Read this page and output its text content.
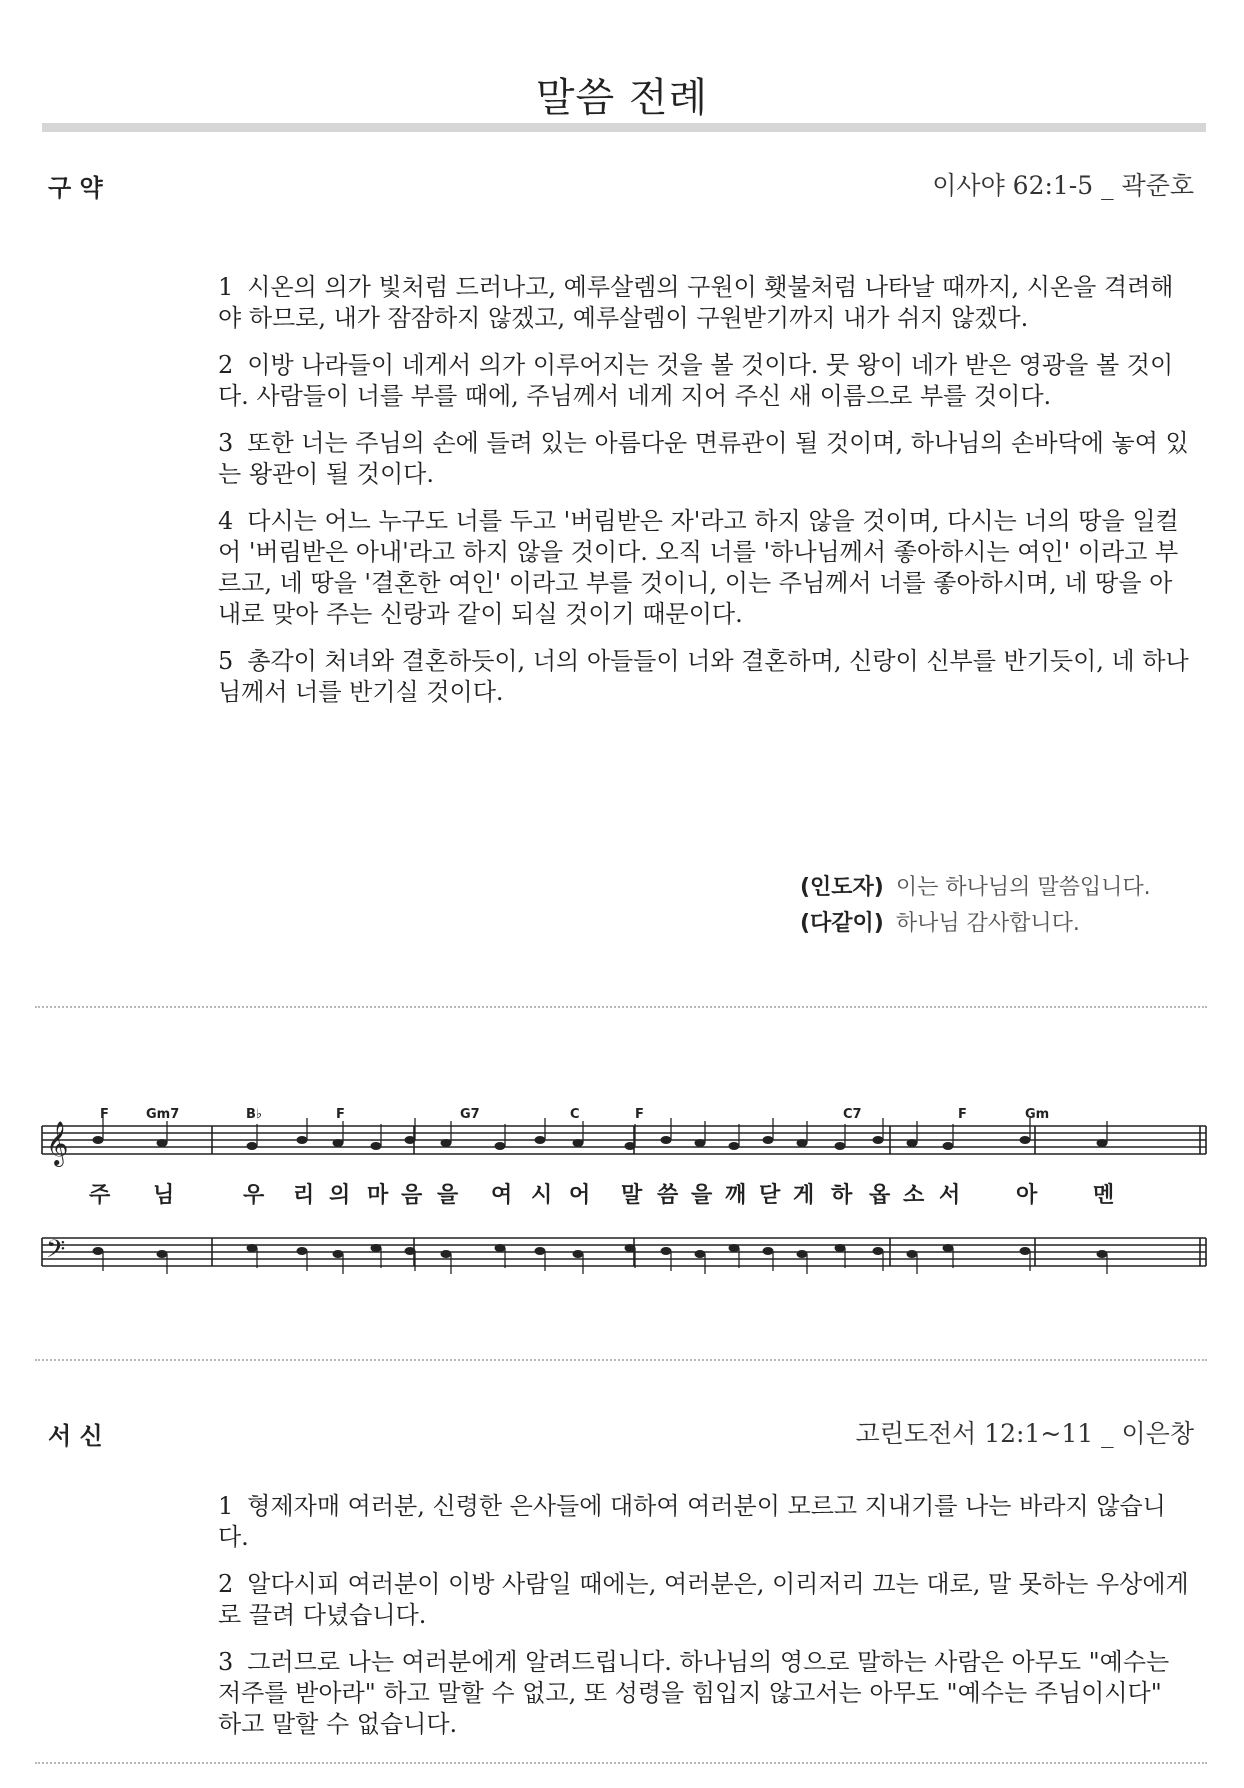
말씀 전례
구 약	이사야 62:1-5 _ 곽준호

1 시온의 의가 빛처럼 드러나고, 예루살렘의 구원이 횃불처럼 나타날 때까지, 시온을 격려해야 하므로, 내가 잠잠하지 않겠고, 예루살렘이 구원받기까지 내가 쉬지 않겠다.

2 이방 나라들이 네게서 의가 이루어지는 것을 볼 것이다. 뭇 왕이 네가 받은 영광을 볼 것이다. 사람들이 너를 부를 때에, 주님께서 네게 지어 주신 새 이름으로 부를 것이다.

3 또한 너는 주님의 손에 들려 있는 아름다운 면류관이 될 것이며, 하나님의 손바닥에 놓여 있는 왕관이 될 것이다.

4 다시는 어느 누구도 너를 두고 '버림받은 자'라고 하지 않을 것이며, 다시는 너의 땅을 일컬어 '버림받은 아내'라고 하지 않을 것이다. 오직 너를 '하나님께서 좋아하시는 여인' 이라고 부르고, 네 땅을 '결혼한 여인' 이라고 부를 것이니, 이는 주님께서 너를 좋아하시며, 네 땅을 아내로 맞아 주는 신랑과 같이 되실 것이기 때문이다.

5 총각이 처녀와 결혼하듯이, 너의 아들들이 너와 결혼하며, 신랑이 신부를 반기듯이, 네 하나님께서 너를 반기실 것이다.

(인도자) 이는 하나님의 말씀입니다.
(다같이) 하나님 감사합니다.
𝄞
𝄢
F	Gm7	B♭	F	G7	C	F	C7	F	Gm
주 님	우 리 의 마 음 을 여 시 어 말 씀 을 깨 닫 게 하 옵 소 서	아	멘
서 신	고린도전서 12:1~11 _ 이은창

1 형제자매 여러분, 신령한 은사들에 대하여 여러분이 모르고 지내기를 나는 바라지 않습니다.

2 알다시피 여러분이 이방 사람일 때에는, 여러분은, 이리저리 끄는 대로, 말 못하는 우상에게로 끌려 다녔습니다.

3 그러므로 나는 여러분에게 알려드립니다. 하나님의 영으로 말하는 사람은 아무도 "예수는 저주를 받아라" 하고 말할 수 없고, 또 성령을 힘입지 않고서는 아무도 "예수는 주님이시다" 하고 말할 수 없습니다.
